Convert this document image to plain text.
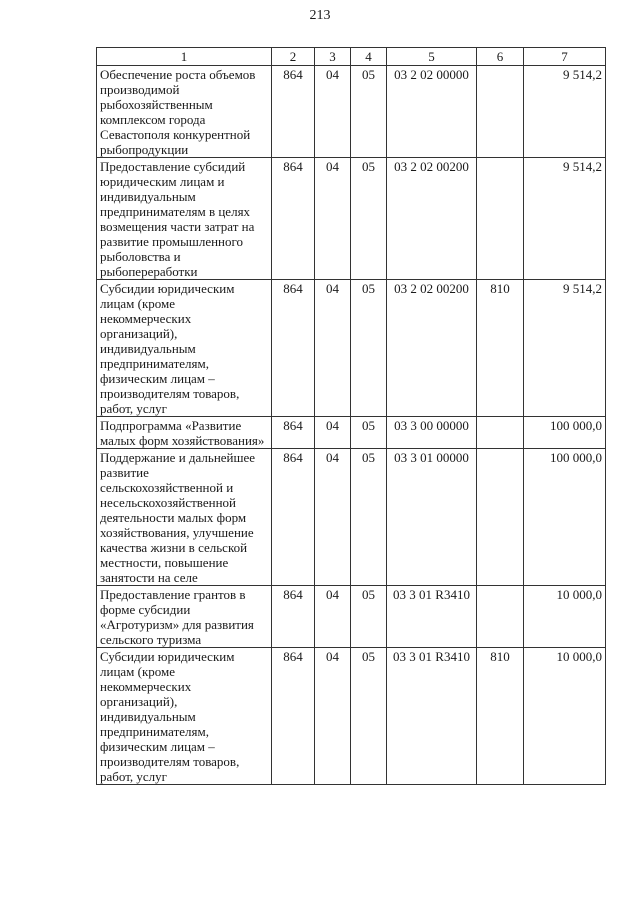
213
1	2	3	4	5	6	7
Обеспечение роста объемов производимой рыбохозяйственным комплексом города Севастополя конкурентной рыбопродукции	864	04	05	03 2 02 00000		9 514,2
Предоставление субсидий юридическим лицам и индивидуальным предпринимателям в целях возмещения части затрат на развитие промышленного рыболовства и рыбопереработки	864	04	05	03 2 02 00200		9 514,2
Субсидии юридическим лицам (кроме некоммерческих организаций), индивидуальным предпринимателям, физическим лицам – производителям товаров, работ, услуг	864	04	05	03 2 02 00200	810	9 514,2
Подпрограмма «Развитие малых форм хозяйствования»	864	04	05	03 3 00 00000		100 000,0
Поддержание и дальнейшее развитие сельскохозяйственной и несельскохозяйственной деятельности малых форм хозяйствования, улучшение качества жизни в сельской местности, повышение занятости на селе	864	04	05	03 3 01 00000		100 000,0
Предоставление грантов в форме субсидии «Агротуризм» для развития сельского туризма	864	04	05	03 3 01 R3410		10 000,0
Субсидии юридическим лицам (кроме некоммерческих организаций), индивидуальным предпринимателям, физическим лицам – производителям товаров, работ, услуг	864	04	05	03 3 01 R3410	810	10 000,0
